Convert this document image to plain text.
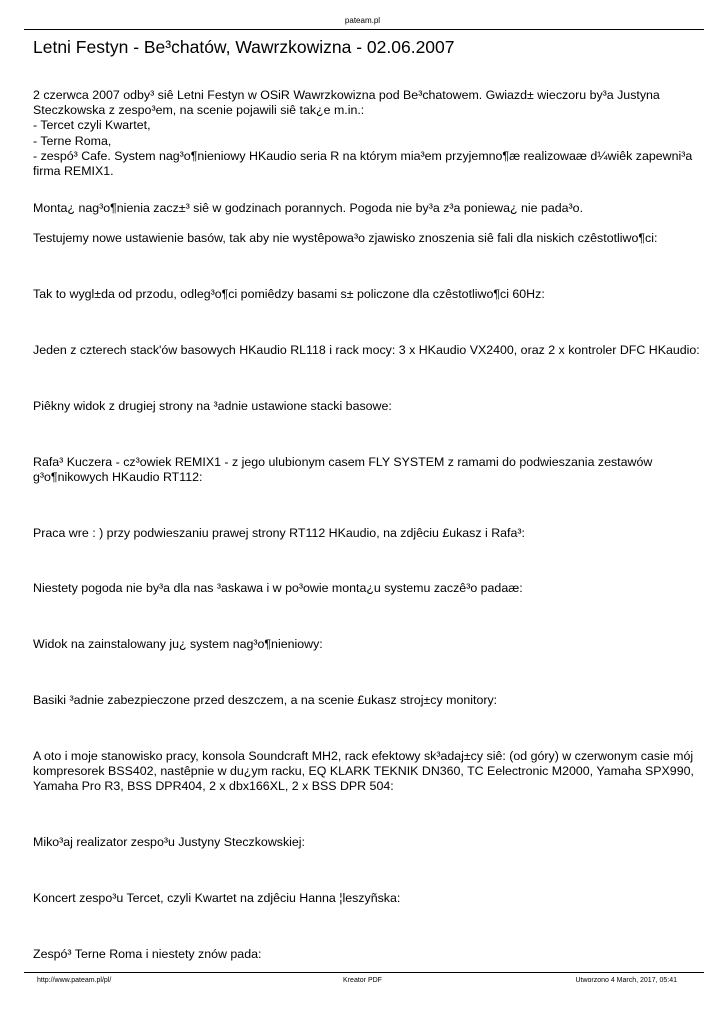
pateam.pl
Letni Festyn - Be³chatów, Wawrzkowizna - 02.06.2007

2 czerwca 2007 odby³ siê Letni Festyn w OSiR Wawrzkowizna pod Be³chatowem. Gwiazd± wieczoru by³a Justyna Steczkowska z zespo³em, na scenie pojawili siê tak¿e m.in.:
- Tercet czyli Kwartet,
- Terne Roma,
- zespó³ Cafe. System nag³o¶nieniowy HKaudio seria R na którym mia³em przyjemno¶æ realizowaæ d¼wiêk zapewni³a firma REMIX1.

Monta¿ nag³o¶nienia zacz±³ siê w godzinach porannych. Pogoda nie by³a z³a poniewa¿ nie pada³o.

Testujemy nowe ustawienie basów, tak aby nie wystêpowa³o zjawisko znoszenia siê fali dla niskich czêstotliwo¶ci:

Tak to wygl±da od przodu, odleg³o¶ci pomiêdzy basami s± policzone dla czêstotliwo¶ci 60Hz:

Jeden z czterech stack'ów basowych HKaudio RL118 i rack mocy: 3 x HKaudio VX2400, oraz 2 x kontroler DFC HKaudio:

Piêkny widok z drugiej strony na ³adnie ustawione stacki basowe:

Rafa³ Kuczera - cz³owiek REMIX1 - z jego ulubionym casem FLY SYSTEM z ramami do podwieszania zestawów g³o¶nikowych HKaudio RT112:

Praca wre : ) przy podwieszaniu prawej strony RT112 HKaudio, na zdjêciu £ukasz i Rafa³:

Niestety pogoda nie by³a dla nas ³askawa i w po³owie monta¿u systemu zaczê³o padaæ:

Widok na zainstalowany ju¿ system nag³o¶nieniowy:

Basiki ³adnie zabezpieczone przed deszczem, a na scenie £ukasz stroj±cy monitory:

A oto i moje stanowisko pracy, konsola Soundcraft MH2, rack efektowy sk³adaj±cy siê: (od góry) w czerwonym casie mój kompresorek BSS402, nastêpnie w du¿ym racku, EQ KLARK TEKNIK DN360, TC Eelectronic M2000, Yamaha SPX990, Yamaha Pro R3, BSS DPR404, 2 x dbx166XL, 2 x BSS DPR 504:

Miko³aj realizator zespo³u Justyny Steczkowskiej:

Koncert zespo³u Tercet, czyli Kwartet na zdjêciu Hanna ¦leszyñska:

Zespó³ Terne Roma i niestety znów pada:

http://www.pateam.pl/pl/	Kreator PDF	Utworzono 4 March, 2017, 05:41
